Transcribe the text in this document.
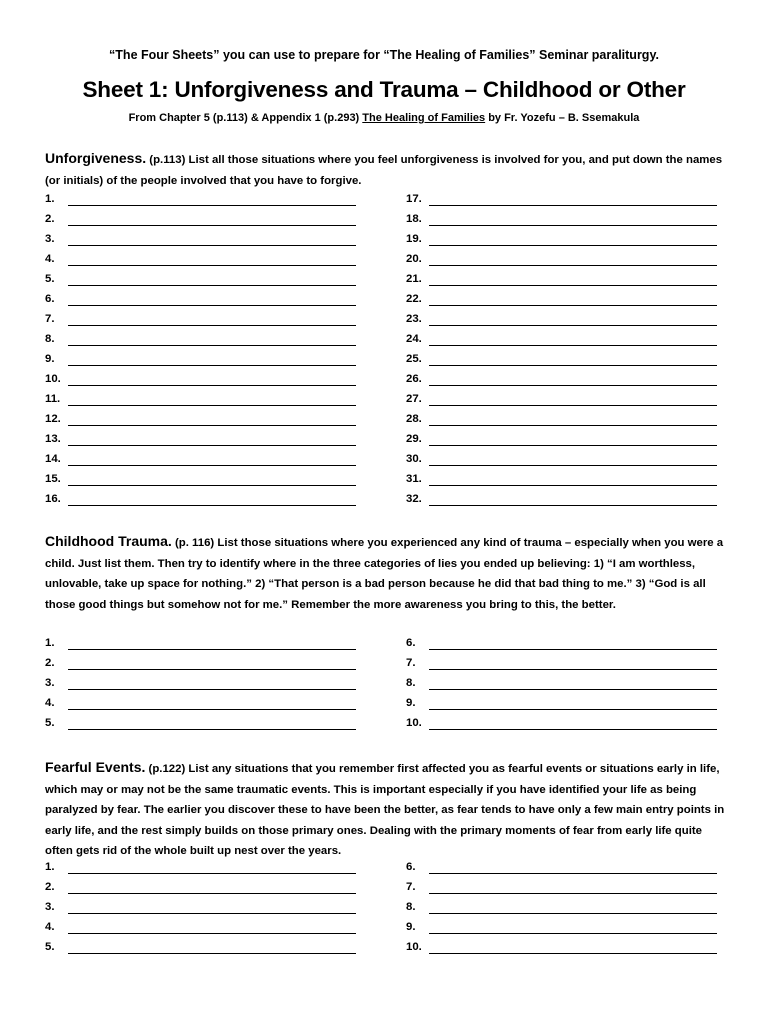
“The Four Sheets” you can use to prepare for “The Healing of Families” Seminar paraliturgy.
Sheet 1: Unforgiveness and Trauma – Childhood or Other
From Chapter 5 (p.113) & Appendix 1 (p.293) The Healing of Families by Fr. Yozefu – B. Ssemakula
Unforgiveness. (p.113) List all those situations where you feel unforgiveness is involved for you, and put down the names (or initials) of the people involved that you have to forgive.
1.
2.
3.
4.
5.
6.
7.
8.
9.
10.
11.
12.
13.
14.
15.
16.
17.
18.
19.
20.
21.
22.
23.
24.
25.
26.
27.
28.
29.
30.
31.
32.
Childhood Trauma. (p. 116) List those situations where you experienced any kind of trauma – especially when you were a child. Just list them. Then try to identify where in the three categories of lies you ended up believing: 1) “I am worthless, unlovable, take up space for nothing.” 2) “That person is a bad person because he did that bad thing to me.” 3) “God is all those good things but somehow not for me.” Remember the more awareness you bring to this, the better.
1.
2.
3.
4.
5.
6.
7.
8.
9.
10.
Fearful Events. (p.122) List any situations that you remember first affected you as fearful events or situations early in life, which may or may not be the same traumatic events. This is important especially if you have identified your life as being paralyzed by fear. The earlier you discover these to have been the better, as fear tends to have only a few main entry points in early life, and the rest simply builds on those primary ones. Dealing with the primary moments of fear from early life quite often gets rid of the whole built up nest over the years.
1.
2.
3.
4.
5.
6.
7.
8.
9.
10.
